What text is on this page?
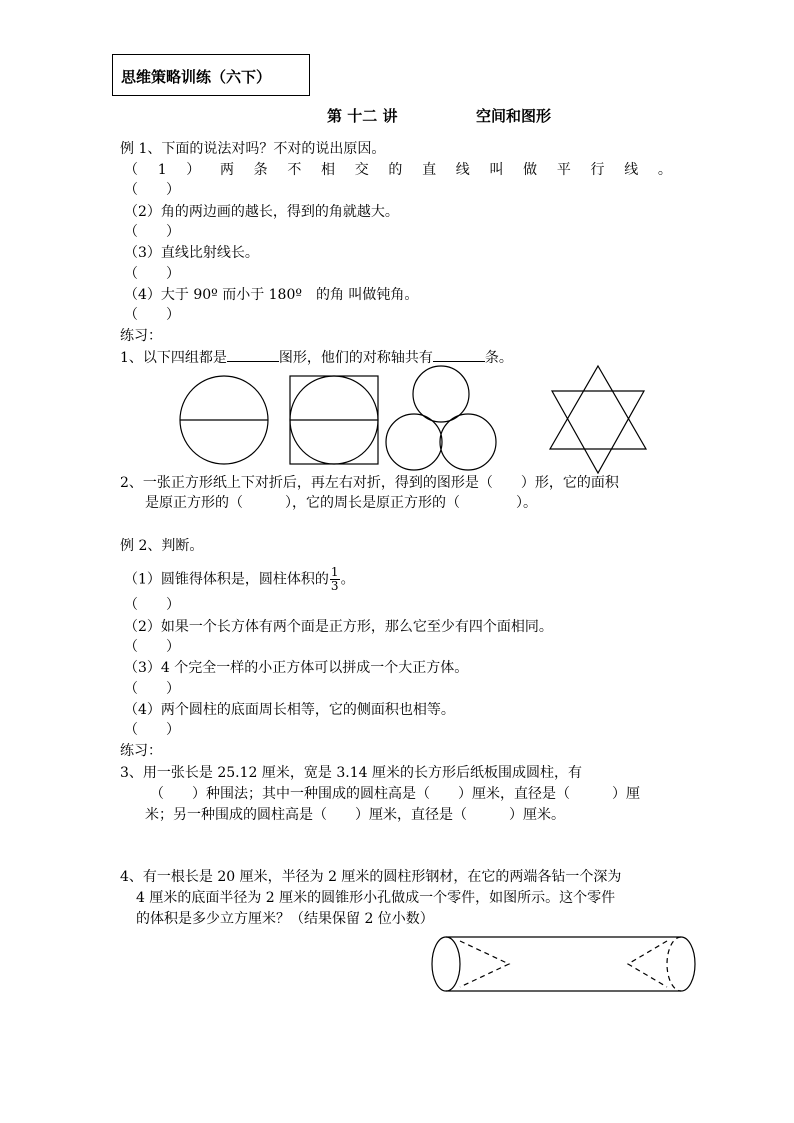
思维策略训练（六下）
第 十二 讲	空间和图形
例 1、下面的说法对吗？不对的说出原因。
（ 1 ） 两 条 不 相 交 的 直 线 叫 做 平 行 线 。
（　　）
（2）角的两边画的越长，得到的角就越大。
（　　）
（3）直线比射线长。
（　　）
（4）大于 90º 而小于 180º　的角 叫做钝角。
（　　）
练习：
1、以下四组都是	图形，他们的对称轴共有	条。
2、一张正方形纸上下对折后，再左右对折，得到的图形是（　　）形，它的面积
是原正方形的（　　　），它的周长是原正方形的（　　　　）。
例 2、判断。
（1）圆锥得体积是，圆柱体积的 $\frac{1}{3}$ 。
（　　）
（2）如果一个长方体有两个面是正方形，那么它至少有四个面相同。
（　　）
（3）4 个完全一样的小正方体可以拼成一个大正方体。
（　　）
（4）两个圆柱的底面周长相等，它的侧面积也相等。
（　　）
练习：
3、用一张长是 25.12 厘米，宽是 3.14 厘米的长方形后纸板围成圆柱，有
（　　）种围法；其中一种围成的圆柱高是（　　）厘米，直径是（　　　）厘
米；另一种围成的圆柱高是（　　）厘米，直径是（　　　）厘米。
4、有一根长是 20 厘米，半径为 2 厘米的圆柱形钢材，在它的两端各钻一个深为
4 厘米的底面半径为 2 厘米的圆锥形小孔做成一个零件，如图所示。这个零件
的体积是多少立方厘米？（结果保留 2 位小数）
